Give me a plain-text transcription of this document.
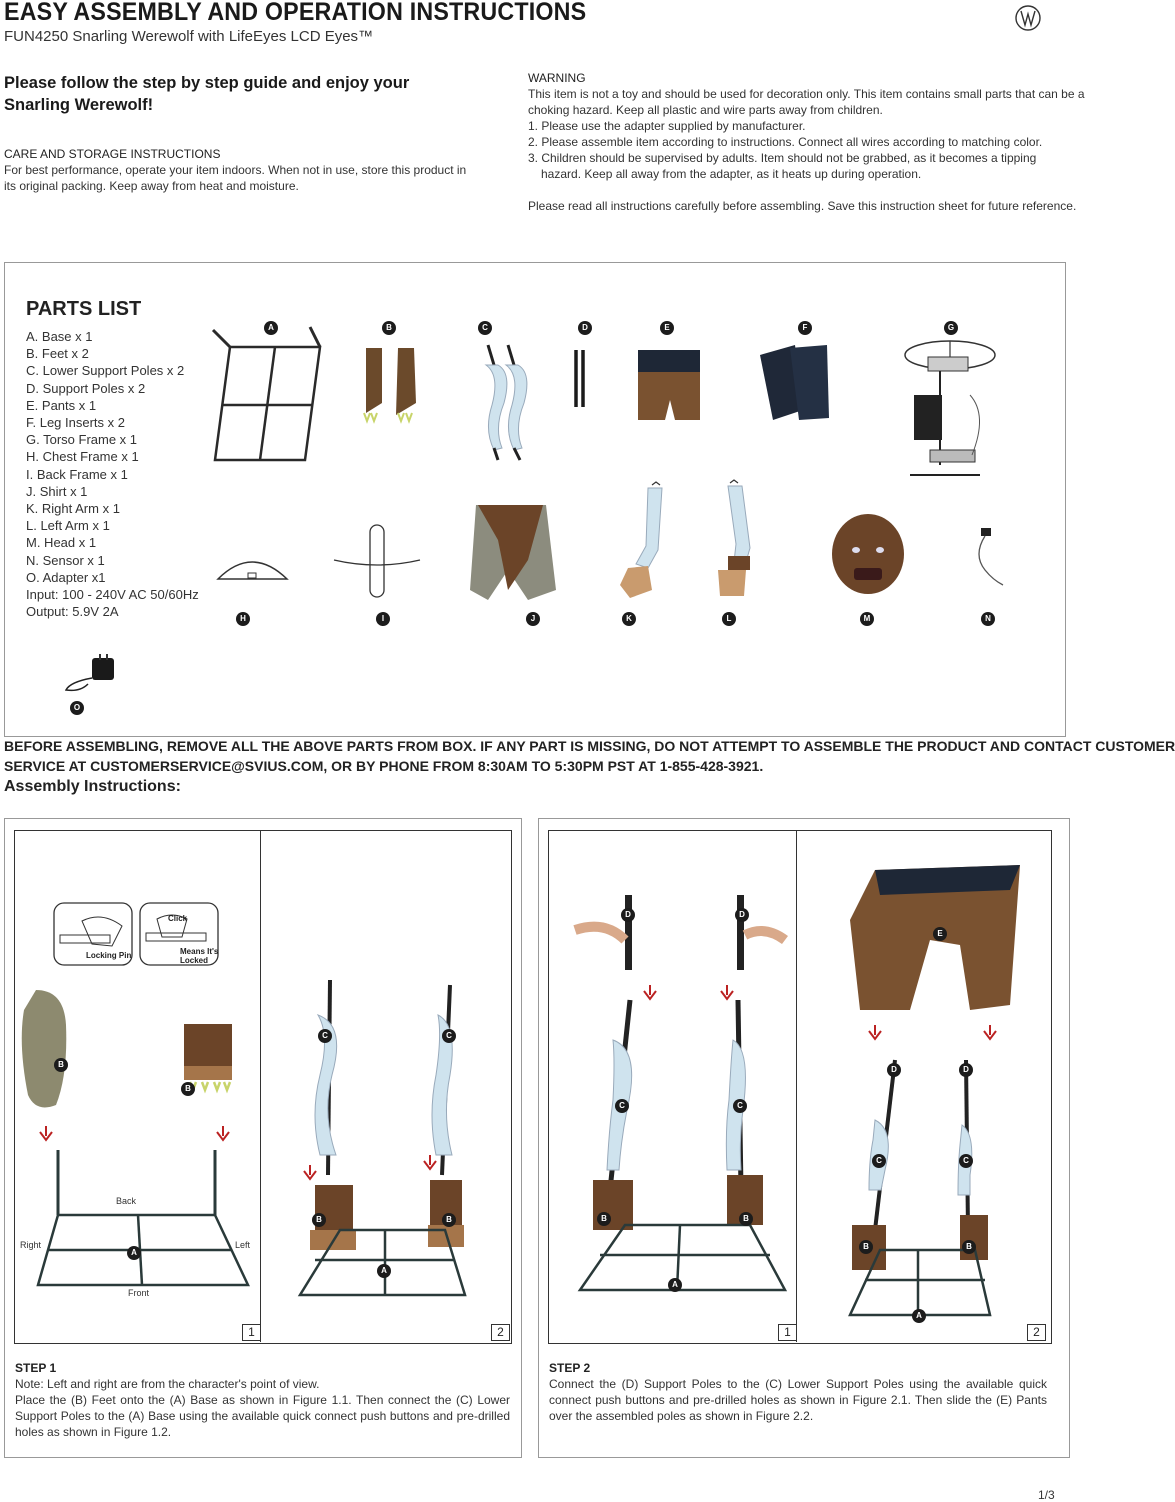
EASY ASSEMBLY AND OPERATION INSTRUCTIONS
FUN4250 Snarling Werewolf with LifeEyes LCD Eyes™
Please follow the step by step guide and enjoy your Snarling Werewolf!
CARE AND STORAGE INSTRUCTIONS
For best performance, operate your item indoors. When not in use, store this product in its original packing. Keep away from heat and moisture.
WARNING
This item is not a toy and should be used for decoration only. This item contains small parts that can be a
choking hazard. Keep all plastic and wire parts away from children.
1. Please use the adapter supplied by manufacturer.
2. Please assemble item according to instructions. Connect all wires according to matching color.
3. Children should be supervised by adults. Item should not be grabbed, as it becomes a tipping
hazard. Keep all away from the adapter, as it heats up during operation.
Please read all instructions carefully before assembling. Save this instruction sheet for future reference.
PARTS LIST
A. Base x 1
B. Feet x 2
C. Lower Support Poles x 2
D. Support Poles x 2
E. Pants x 1
F. Leg Inserts x 2
G. Torso Frame x 1
H. Chest Frame x 1
I. Back Frame x 1
J. Shirt x 1
K. Right Arm x 1
L. Left Arm x 1
M. Head x 1
N. Sensor x 1
O. Adapter x1
Input: 100 - 240V AC 50/60Hz
Output: 5.9V 2A
A	B	C	D	E	F	G
H	I	J	K	L	M	N
O
BEFORE ASSEMBLING, REMOVE ALL THE ABOVE PARTS FROM BOX. IF ANY PART IS MISSING, DO NOT ATTEMPT TO ASSEMBLE THE PRODUCT AND CONTACT CUSTOMER
SERVICE AT CUSTOMERSERVICE@SVIUS.COM, OR BY PHONE FROM 8:30AM TO 5:30PM PST AT 1-855-428-3921.
Assembly Instructions:
1	2
Locking Pin
Click
Means It's Locked
Back
Right	Left
Front
B
B
A
C	C
B	B
A
STEP 1
Note: Left and right are from the character's point of view.
Place the (B) Feet onto the (A) Base as shown in Figure 1.1. Then connect the (C) Lower Support Poles to the (A) Base using the available quick connect push buttons and pre-drilled holes as shown in Figure 1.2.
1	2
D	D
C	C
B	B
A
E
D	D
C	C
B	B
A
STEP 2
Connect the (D) Support Poles to the (C) Lower Support Poles using the available quick connect push buttons and pre-drilled holes as shown in Figure 2.1. Then slide the (E) Pants over the assembled poles as shown in Figure 2.2.
1/3
